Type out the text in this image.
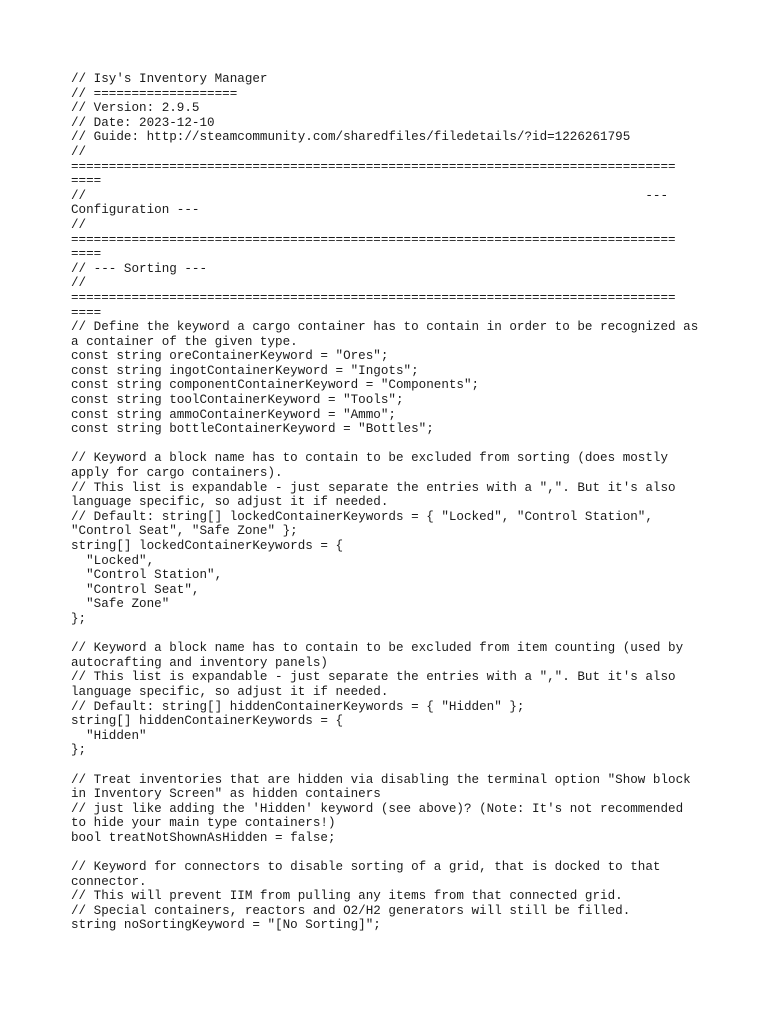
// Isy's Inventory Manager
// ===================
// Version: 2.9.5
// Date: 2023-12-10
// Guide: http://steamcommunity.com/sharedfiles/filedetails/?id=1226261795
//
================================================================================
====
//                                                                          ---
Configuration ---
//
================================================================================
====
// --- Sorting ---
//
================================================================================
====
// Define the keyword a cargo container has to contain in order to be recognized as
a container of the given type.
const string oreContainerKeyword = "Ores";
const string ingotContainerKeyword = "Ingots";
const string componentContainerKeyword = "Components";
const string toolContainerKeyword = "Tools";
const string ammoContainerKeyword = "Ammo";
const string bottleContainerKeyword = "Bottles";
// Keyword a block name has to contain to be excluded from sorting (does mostly
apply for cargo containers).
// This list is expandable - just separate the entries with a ",". But it's also
language specific, so adjust it if needed.
// Default: string[] lockedContainerKeywords = { "Locked", "Control Station",
"Control Seat", "Safe Zone" };
string[] lockedContainerKeywords = {
"Locked",
"Control Station",
"Control Seat",
"Safe Zone"
};
// Keyword a block name has to contain to be excluded from item counting (used by
autocrafting and inventory panels)
// This list is expandable - just separate the entries with a ",". But it's also
language specific, so adjust it if needed.
// Default: string[] hiddenContainerKeywords = { "Hidden" };
string[] hiddenContainerKeywords = {
"Hidden"
};
// Treat inventories that are hidden via disabling the terminal option "Show block
in Inventory Screen" as hidden containers
// just like adding the 'Hidden' keyword (see above)? (Note: It's not recommended
to hide your main type containers!)
bool treatNotShownAsHidden = false;
// Keyword for connectors to disable sorting of a grid, that is docked to that
connector.
// This will prevent IIM from pulling any items from that connected grid.
// Special containers, reactors and O2/H2 generators will still be filled.
string noSortingKeyword = "[No Sorting]";
